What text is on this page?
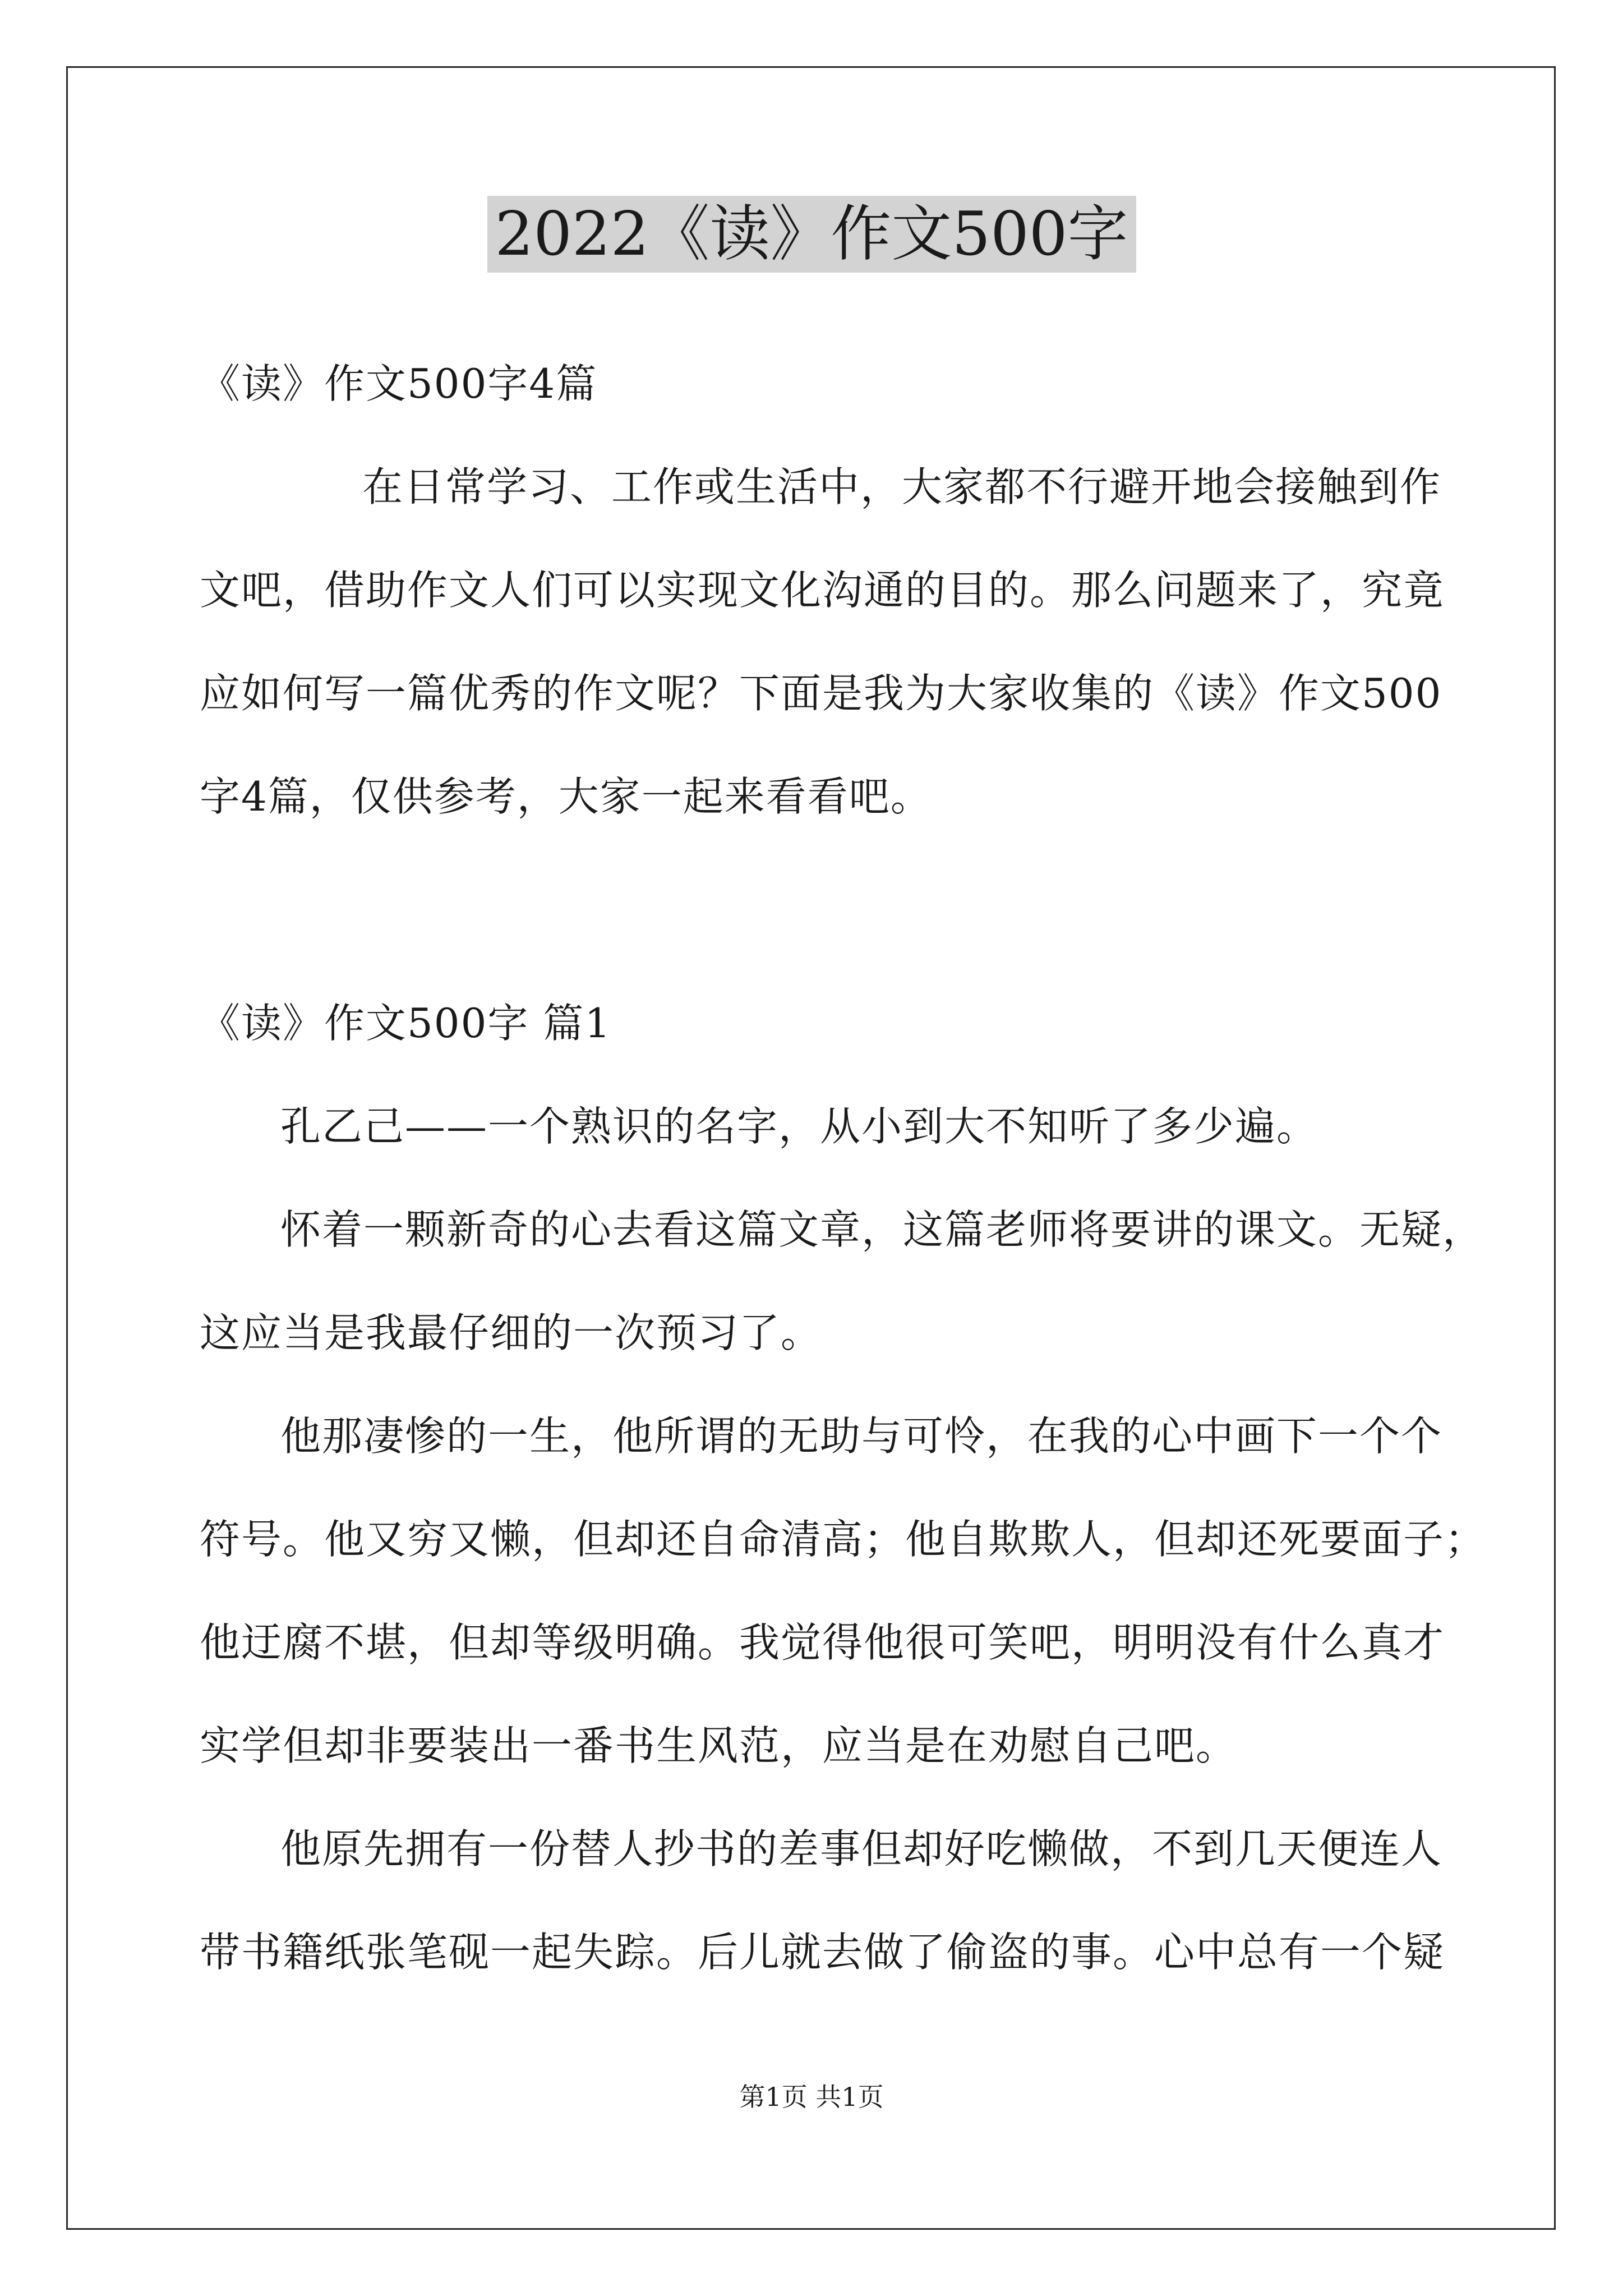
2022《读》作文500字
《读》作文500字4篇
在日常学习、工作或生活中，大家都不行避开地会接触到作
文吧，借助作文人们可以实现文化沟通的目的。那么问题来了，究竟
应如何写一篇优秀的作文呢？下面是我为大家收集的《读》作文500
字4篇，仅供参考，大家一起来看看吧。
《读》作文500字 篇1
孔乙己——一个熟识的名字，从小到大不知听了多少遍。
怀着一颗新奇的心去看这篇文章，这篇老师将要讲的课文。无疑，
这应当是我最仔细的一次预习了。
他那凄惨的一生，他所谓的无助与可怜，在我的心中画下一个个
符号。他又穷又懒，但却还自命清高；他自欺欺人，但却还死要面子；
他迂腐不堪，但却等级明确。我觉得他很可笑吧，明明没有什么真才
实学但却非要装出一番书生风范，应当是在劝慰自己吧。
他原先拥有一份替人抄书的差事但却好吃懒做，不到几天便连人
带书籍纸张笔砚一起失踪。后儿就去做了偷盗的事。心中总有一个疑
第1页 共1页
